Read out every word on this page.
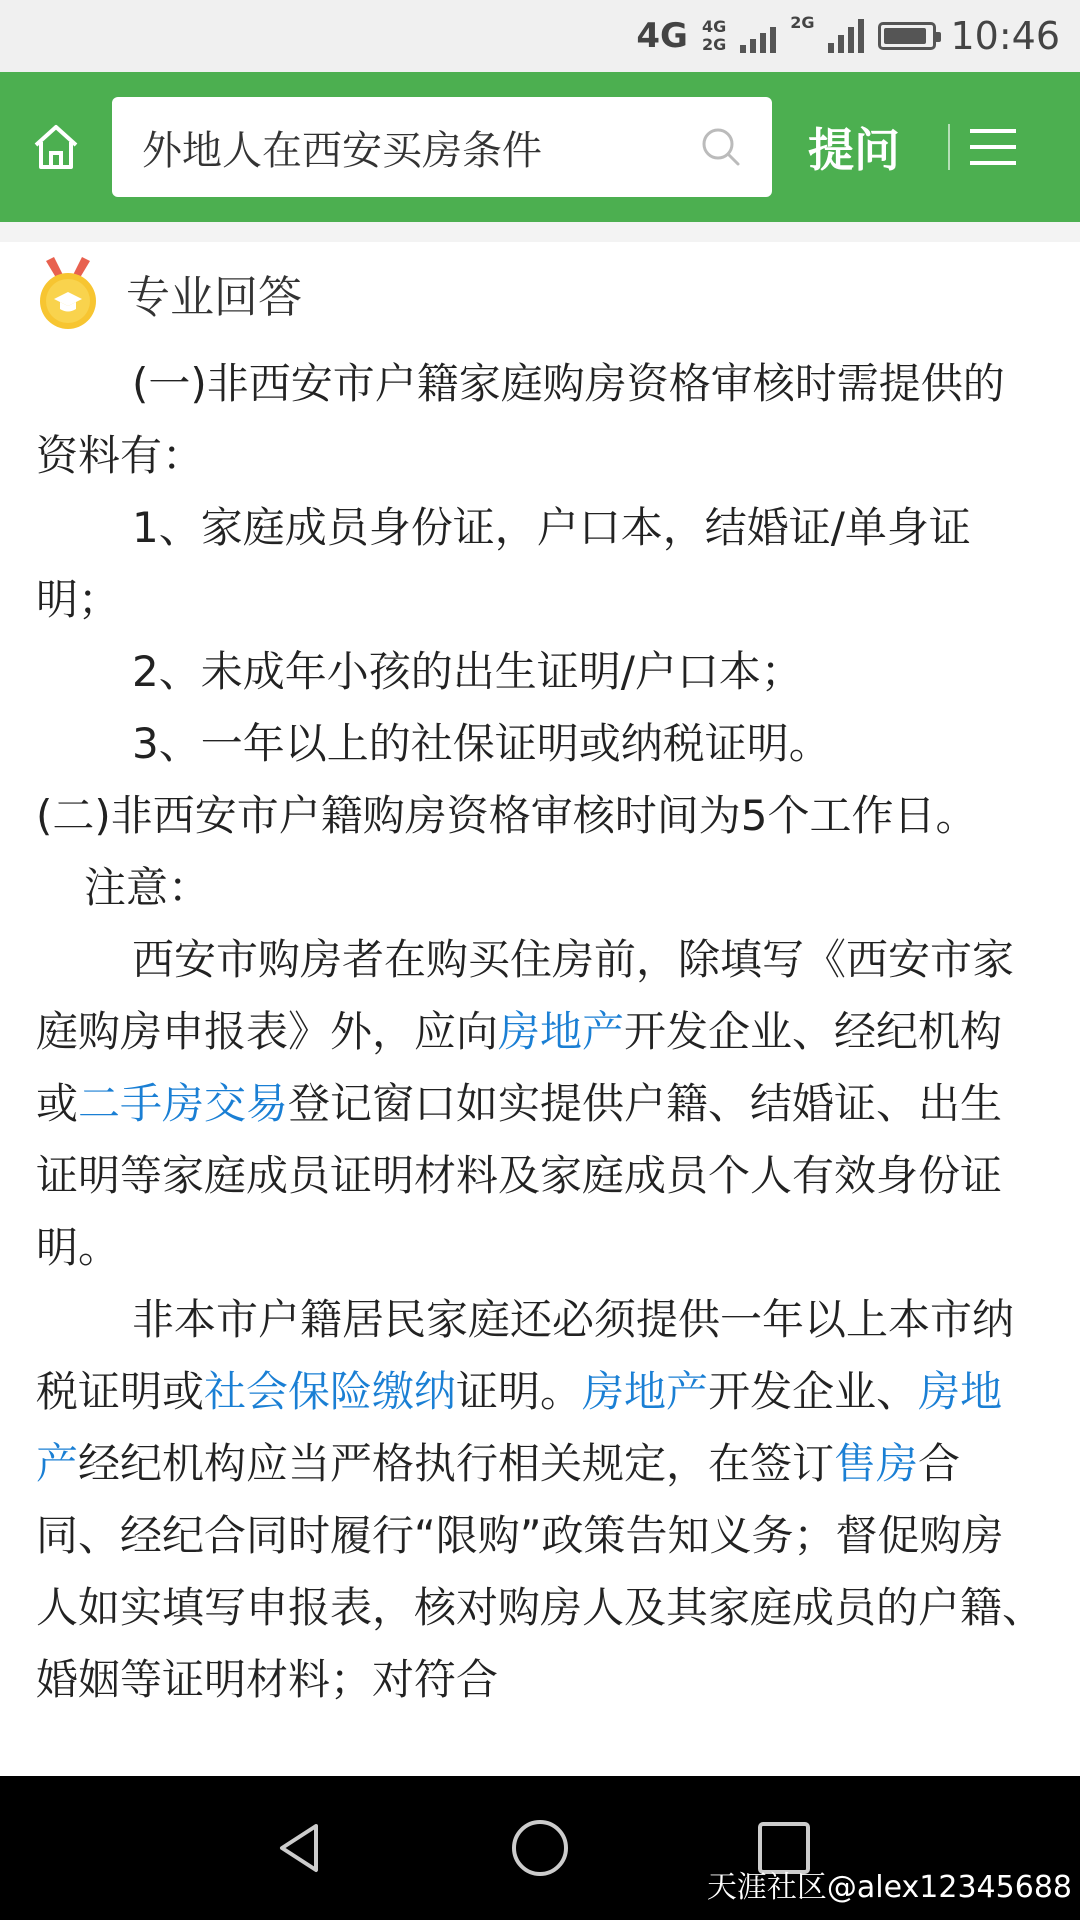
4G 4G
2G
2G	10:46
外地人在西安买房条件	提问
专业回答

(一)非西安市户籍家庭购房资格审核时需提供的资料有：

1、家庭成员身份证，户口本，结婚证/单身证明；

2、未成年小孩的出生证明/户口本；

3、一年以上的社保证明或纳税证明。

(二)非西安市户籍购房资格审核时间为5个工作日。

注意：

西安市购房者在购买住房前，除填写《西安市家庭购房申报表》外，应向房地产开发企业、经纪机构或二手房交易登记窗口如实提供户籍、结婚证、出生证明等家庭成员证明材料及家庭成员个人有效身份证明。

非本市户籍居民家庭还必须提供一年以上本市纳税证明或社会保险缴纳证明。房地产开发企业、房地产经纪机构应当严格执行相关规定，在签订售房合同、经纪合同时履行“限购”政策告知义务；督促购房人如实填写申报表，核对购房人及其家庭成员的户籍、婚姻等证明材料；对符合

天涯社区@alex12345688
